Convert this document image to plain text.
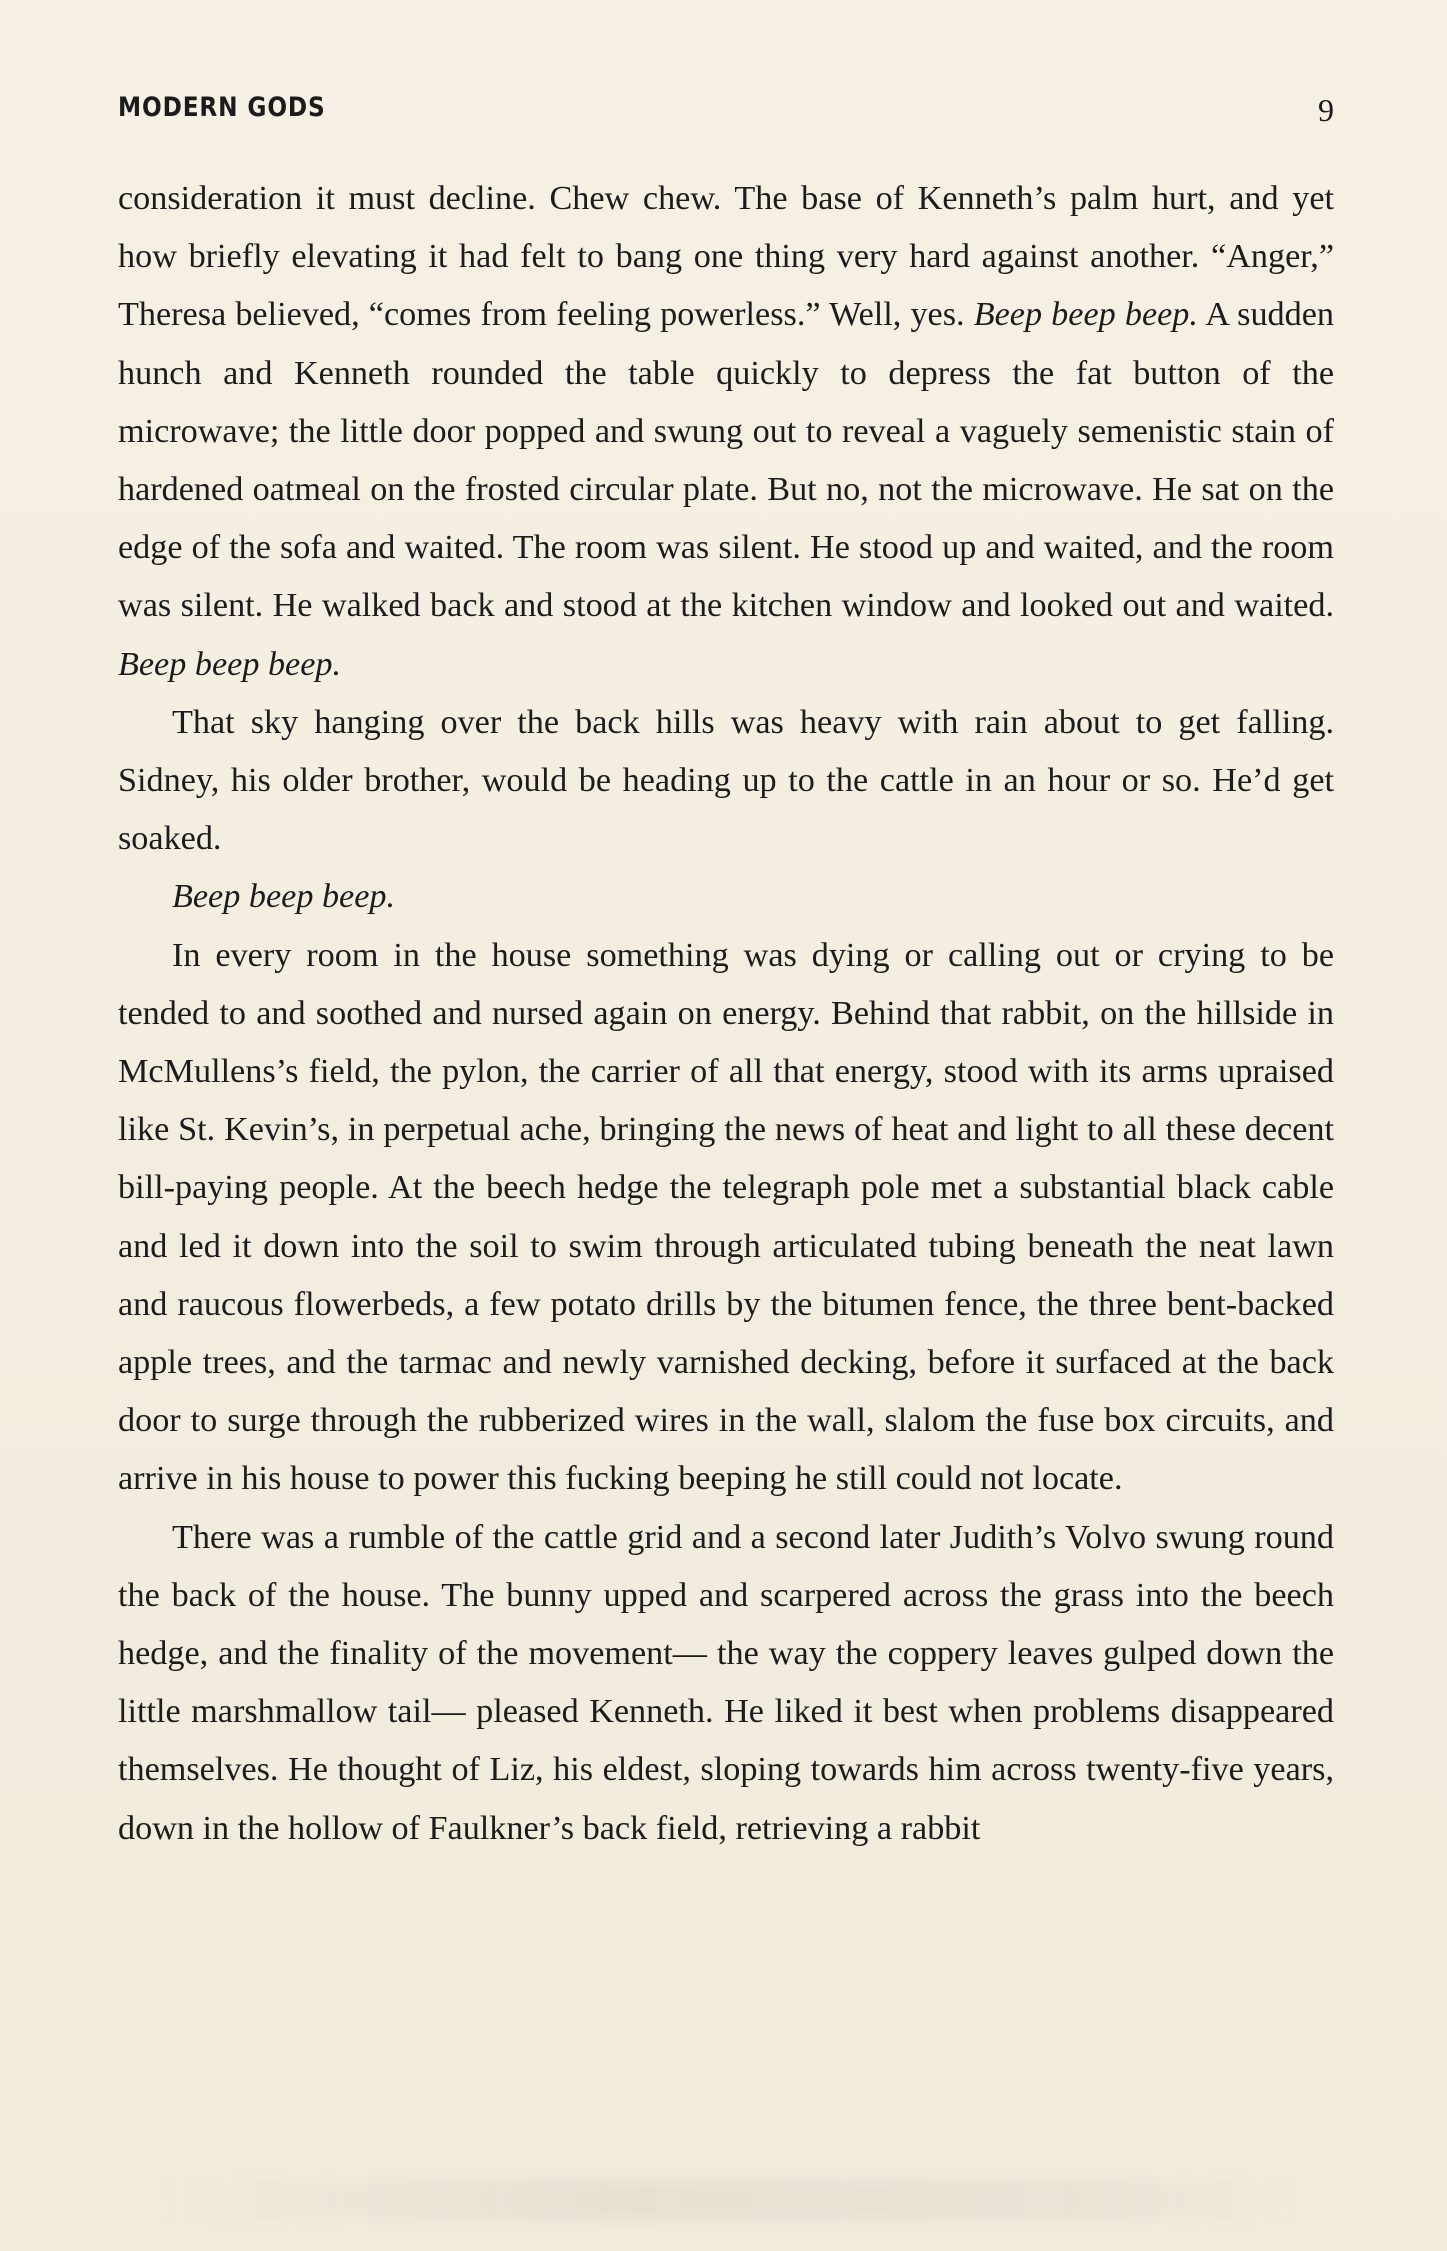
MODERN GODS	9

consideration it must decline. Chew chew. The base of Kenneth’s palm hurt, and yet how briefly elevating it had felt to bang one thing very hard against another. “Anger,” Theresa believed, “comes from feeling powerless.” Well, yes. Beep beep beep. A sudden hunch and Kenneth rounded the table quickly to depress the fat button of the microwave; the little door popped and swung out to reveal a vaguely semenistic stain of hardened oatmeal on the frosted circular plate. But no, not the microwave. He sat on the edge of the sofa and waited. The room was silent. He stood up and waited, and the room was silent. He walked back and stood at the kitchen window and looked out and waited. Beep beep beep.

That sky hanging over the back hills was heavy with rain about to get falling. Sidney, his older brother, would be heading up to the cattle in an hour or so. He’d get soaked.

Beep beep beep.

In every room in the house something was dying or calling out or crying to be tended to and soothed and nursed again on energy. Behind that rabbit, on the hillside in McMullens’s field, the pylon, the carrier of all that energy, stood with its arms upraised like St. Kevin’s, in perpetual ache, bringing the news of heat and light to all these decent bill-paying people. At the beech hedge the telegraph pole met a substantial black cable and led it down into the soil to swim through articulated tubing beneath the neat lawn and raucous flowerbeds, a few potato drills by the bitumen fence, the three bent-backed apple trees, and the tarmac and newly varnished decking, before it surfaced at the back door to surge through the rubberized wires in the wall, slalom the fuse box circuits, and arrive in his house to power this fucking beeping he still could not locate.

There was a rumble of the cattle grid and a second later Judith’s Volvo swung round the back of the house. The bunny upped and scarpered across the grass into the beech hedge, and the finality of the movement— the way the coppery leaves gulped down the little marshmallow tail— pleased Kenneth. He liked it best when problems disappeared themselves. He thought of Liz, his eldest, sloping towards him across twenty-five years, down in the hollow of Faulkner’s back field, retrieving a rabbit
